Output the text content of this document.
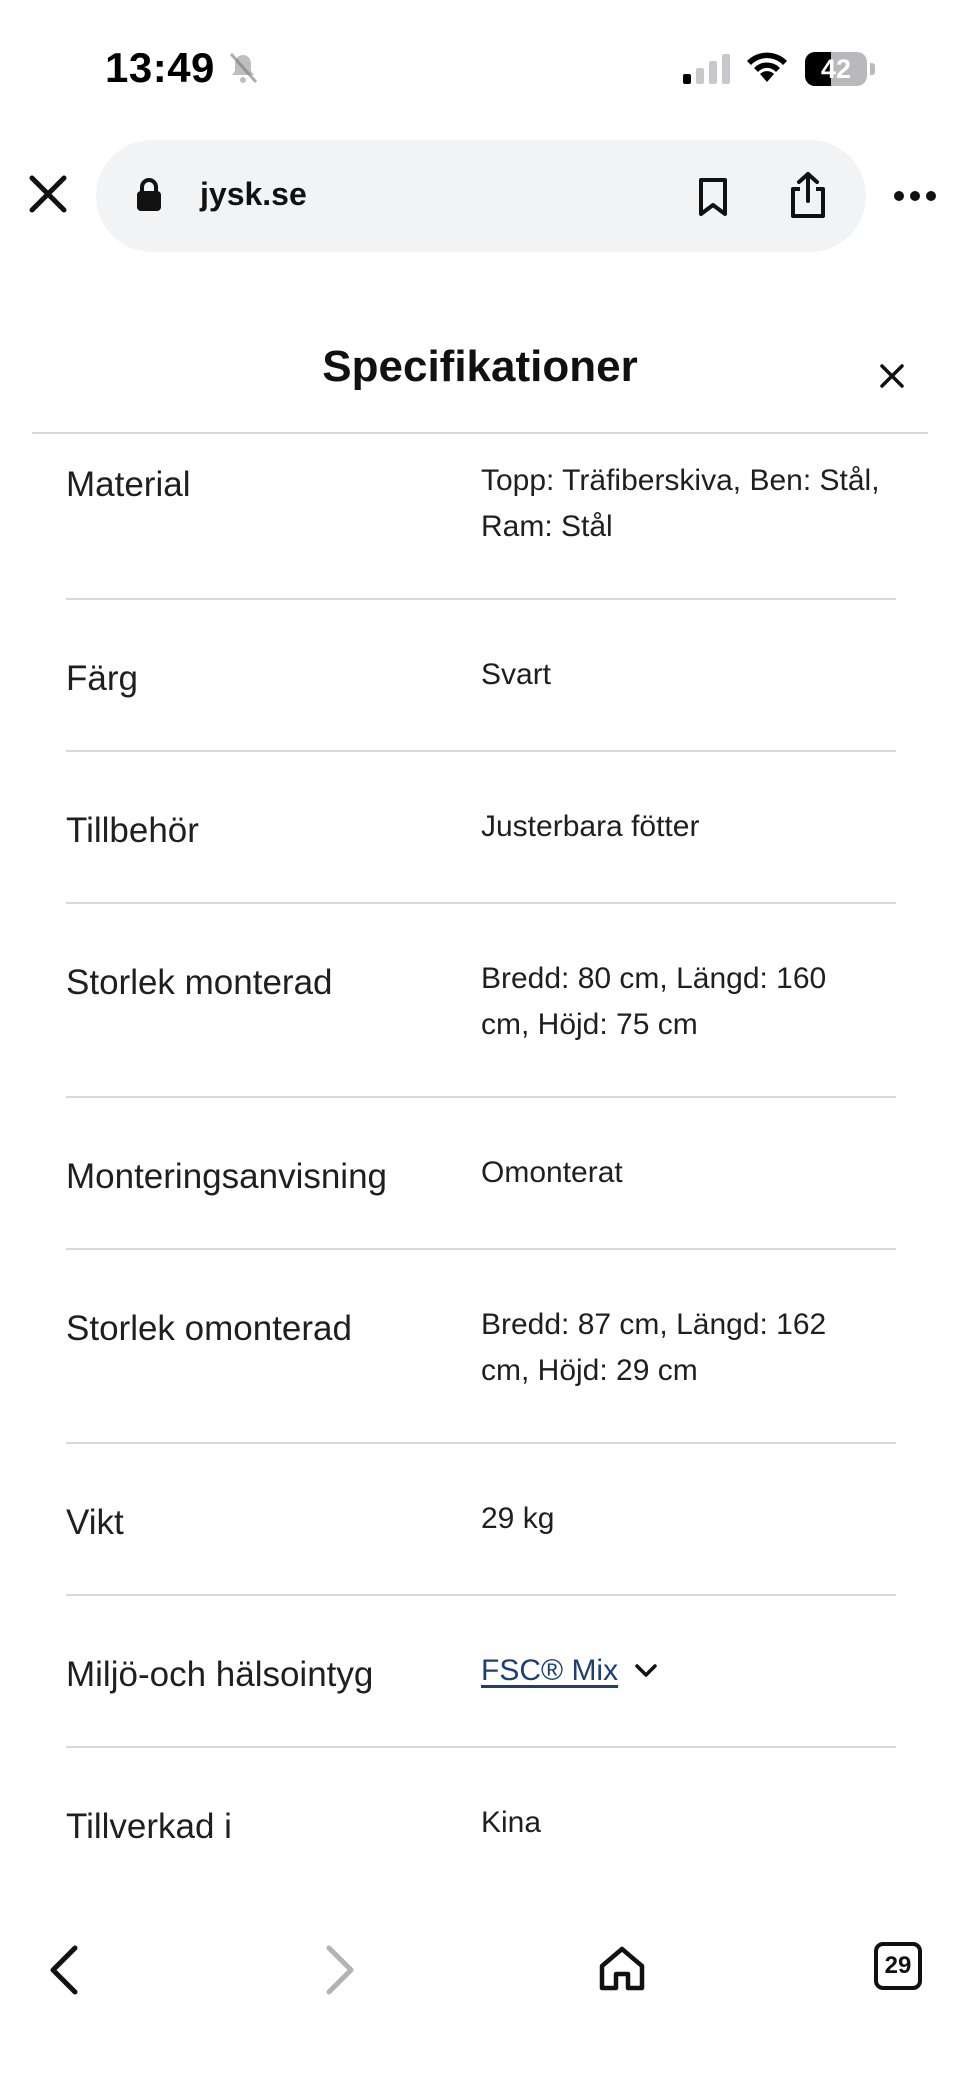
13:49	42
jysk.se
Specifikationer
Material	Topp: Träfiberskiva, Ben: Stål, Ram: Stål
Färg	Svart
Tillbehör	Justerbara fötter
Storlek monterad	Bredd: 80 cm, Längd: 160 cm, Höjd: 75 cm
Monteringsanvisning	Omonterat
Storlek omonterad	Bredd: 87 cm, Längd: 162 cm, Höjd: 29 cm
Vikt	29 kg
Miljö-och hälsointyg	FSC® Mix
Tillverkad i	Kina
29
